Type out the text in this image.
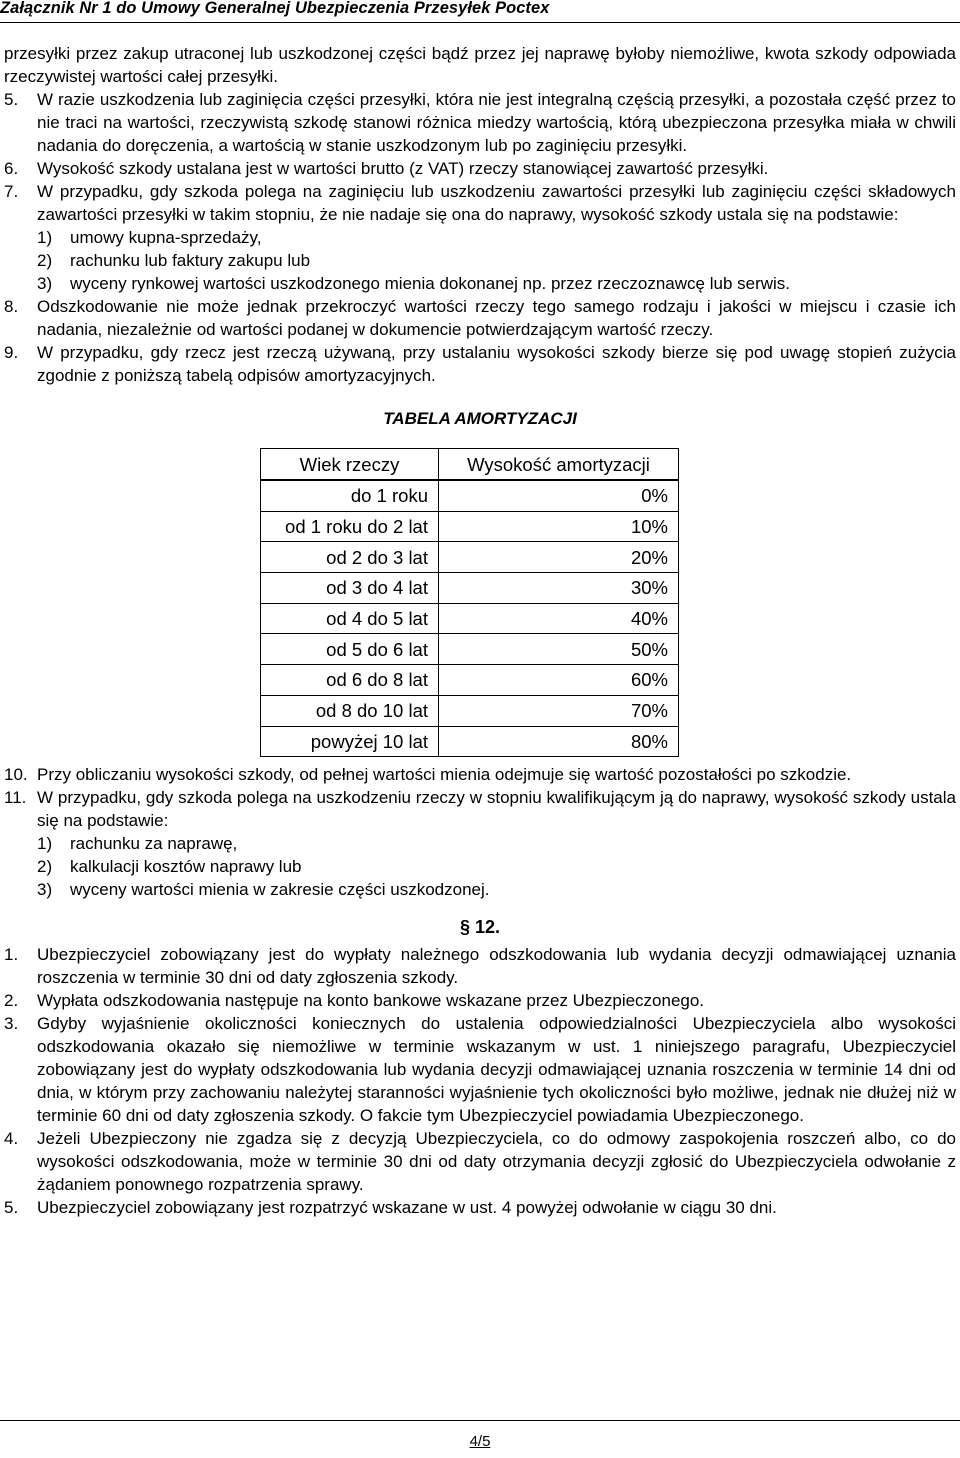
Załącznik Nr 1 do Umowy Generalnej Ubezpieczenia Przesyłek Poctex

przesyłki przez zakup utraconej lub uszkodzonej części bądź przez jej naprawę byłoby niemożliwe, kwota szkody odpowiada rzeczywistej wartości całej przesyłki.

5. W razie uszkodzenia lub zaginięcia części przesyłki, która nie jest integralną częścią przesyłki, a pozostała część przez to nie traci na wartości, rzeczywistą szkodę stanowi różnica miedzy wartością, którą ubezpieczona przesyłka miała w chwili nadania do doręczenia, a wartością w stanie uszkodzonym lub po zaginięciu przesyłki.

6. Wysokość szkody ustalana jest w wartości brutto (z VAT) rzeczy stanowiącej zawartość przesyłki.

7. W przypadku, gdy szkoda polega na zaginięciu lub uszkodzeniu zawartości przesyłki lub zaginięciu części składowych zawartości przesyłki w takim stopniu, że nie nadaje się ona do naprawy, wysokość szkody ustala się na podstawie:

1) umowy kupna-sprzedaży,

2) rachunku lub faktury zakupu lub

3) wyceny rynkowej wartości uszkodzonego mienia dokonanej np. przez rzeczoznawcę lub serwis.

8. Odszkodowanie nie może jednak przekroczyć wartości rzeczy tego samego rodzaju i jakości w miejscu i czasie ich nadania, niezależnie od wartości podanej w dokumencie potwierdzającym wartość rzeczy.

9. W przypadku, gdy rzecz jest rzeczą używaną, przy ustalaniu wysokości szkody bierze się pod uwagę stopień zużycia zgodnie z poniższą tabelą odpisów amortyzacyjnych.

TABELA AMORTYZACJI
Wiek rzeczy	Wysokość amortyzacji
do 1 roku	0%
od 1 roku do 2 lat	10%
od 2 do 3 lat	20%
od 3 do 4 lat	30%
od 4 do 5 lat	40%
od 5 do 6 lat	50%
od 6 do 8 lat	60%
od 8 do 10 lat	70%
powyżej 10 lat	80%

10. Przy obliczaniu wysokości szkody, od pełnej wartości mienia odejmuje się wartość pozostałości po szkodzie.

11. W przypadku, gdy szkoda polega na uszkodzeniu rzeczy w stopniu kwalifikującym ją do naprawy, wysokość szkody ustala się na podstawie:

1) rachunku za naprawę,

2) kalkulacji kosztów naprawy lub

3) wyceny wartości mienia w zakresie części uszkodzonej.

§ 12.

1. Ubezpieczyciel zobowiązany jest do wypłaty należnego odszkodowania lub wydania decyzji odmawiającej uznania roszczenia w terminie 30 dni od daty zgłoszenia szkody.

2. Wypłata odszkodowania następuje na konto bankowe wskazane przez Ubezpieczonego.

3. Gdyby wyjaśnienie okoliczności koniecznych do ustalenia odpowiedzialności Ubezpieczyciela albo wysokości odszkodowania okazało się niemożliwe w terminie wskazanym w ust. 1 niniejszego paragrafu, Ubezpieczyciel zobowiązany jest do wypłaty odszkodowania lub wydania decyzji odmawiającej uznania roszczenia w terminie 14 dni od dnia, w którym przy zachowaniu należytej staranności wyjaśnienie tych okoliczności było możliwe, jednak nie dłużej niż w terminie 60 dni od daty zgłoszenia szkody. O fakcie tym Ubezpieczyciel powiadamia Ubezpieczonego.

4. Jeżeli Ubezpieczony nie zgadza się z decyzją Ubezpieczyciela, co do odmowy zaspokojenia roszczeń albo, co do wysokości odszkodowania, może w terminie 30 dni od daty otrzymania decyzji zgłosić do Ubezpieczyciela odwołanie z żądaniem ponownego rozpatrzenia sprawy.

5. Ubezpieczyciel zobowiązany jest rozpatrzyć wskazane w ust. 4 powyżej odwołanie w ciągu 30 dni.

4/5
